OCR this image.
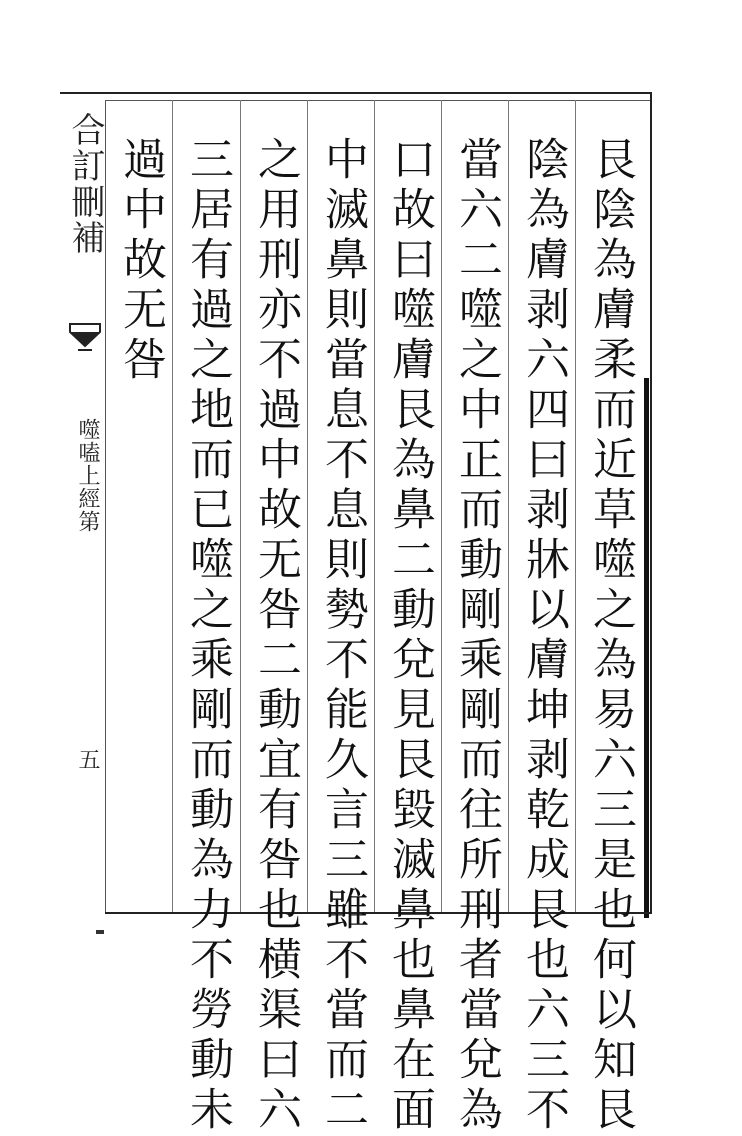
合訂刪補
噬嗑上經第
五	艮陰為膚柔而近草噬之為易六三是也何以知艮
陰為膚剥六四曰剥牀以膚坤剥乾成艮也六三不
當六二噬之中正而動剛乘剛而往所刑者當兌為
口故曰噬膚艮為鼻二動兌見艮毀滅鼻也鼻在面
中滅鼻則當息不息則勢不能久言三雖不當而二
之用刑亦不過中故无咎二動宜有咎也横渠曰六
三居有過之地而已噬之乘剛而動為力不勞動未
過中故无咎
